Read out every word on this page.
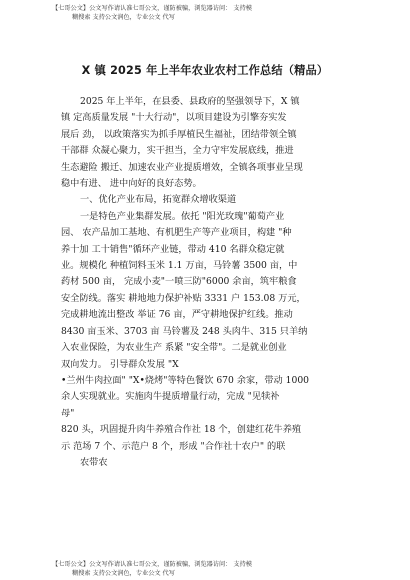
【七哥公文】公文写作请认准七哥公文，谨防被骗，浏览器访问： 支持模
糊搜索 支持公文润色，专业公文 代写
X 镇 2025 年上半年农业农村工作总结（精品）

2025 年上半年，在县委、县政府的坚强领导下，X 镇

镇 定高质量发展 "十大行动"，以项目建设为引擎夯实发

展后 劲， 以政策落实为抓手厚植民生福祉，团结带领全镇

干部群 众凝心聚力，实干担当，全力守牢发展底线，推进

生态避险 搬迁、加速农业产业提质增效，全镇各项事业呈现

稳中有进、 进中向好的良好态势。

一、优化产业布局，拓宽群众增收渠道

一是特色产业集群发展。依托 "阳光玫瑰"葡萄产业

园、 农产品加工基地、有机肥生产等产业项目，构建 "种

养十加 工十销售"循环产业链，带动 410 名群众稳定就

业。规模化 种植饲料玉米 1.1 万亩，马铃薯 3500 亩，中

药材 500 亩， 完成小麦"一喷三防"6000 余亩，筑牢粮食

安全防线。落实 耕地地力保护补贴 3331 户 153.08 万元，

完成耕地流出整改 举证 76 亩，严守耕地保护红线。推动

8430 亩玉米、3703 亩 马铃薯及 248 头肉牛、315 只羊纳

入农业保险，为农业生产 系紧 "安全带"。二是就业创业

双向发力。 引导群众发展 "X

•兰州牛肉拉面" "X•烧烤"等特色餐饮 670 余家，带动 1000

余人实现就业。实施肉牛提质增量行动，完成 "见犊补

母"

820 头，巩固提升肉牛养殖合作社 18 个，创建红花牛养殖

示 范场 7 个、示范户 8 个，形成 "合作社十农户" 的联

农带农

【七哥公文】公文写作请认准七哥公文，谨防被骗，浏览器访问： 支持模
糊搜索 支持公文润色，专业公文 代写
